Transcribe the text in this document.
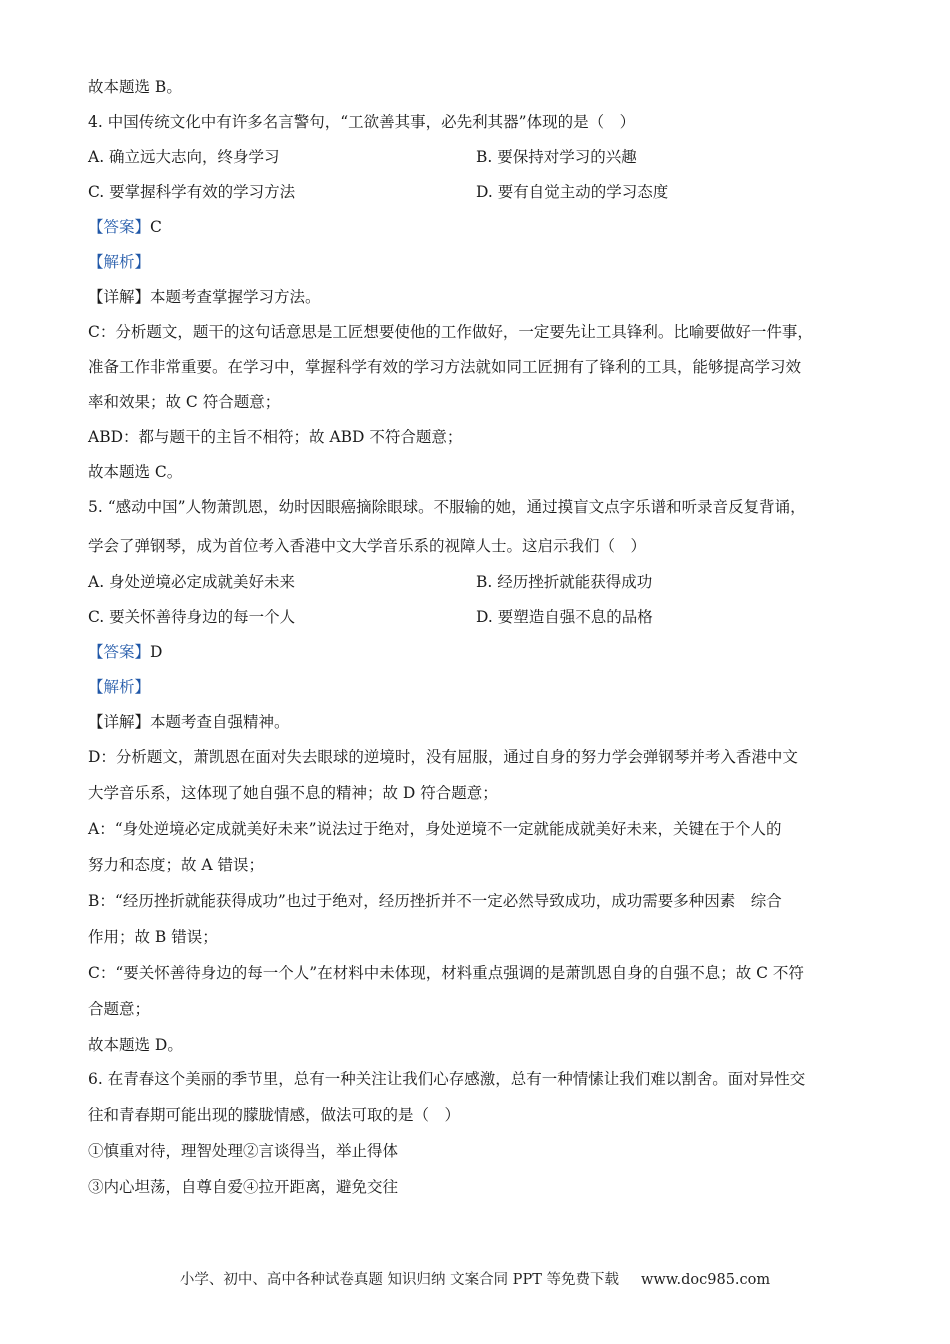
故本题选 B。
4. 中国传统文化中有许多名言警句，“工欲善其事，必先利其器”体现的是（　）
A. 确立远大志向，终身学习	B. 要保持对学习的兴趣
C. 要掌握科学有效的学习方法	D. 要有自觉主动的学习态度
【答案】C
【解析】
【详解】本题考查掌握学习方法。
C：分析题文，题干的这句话意思是工匠想要使他的工作做好，一定要先让工具锋利。比喻要做好一件事，
准备工作非常重要。在学习中，掌握科学有效的学习方法就如同工匠拥有了锋利的工具，能够提高学习效
率和效果；故 C 符合题意；
ABD：都与题干的主旨不相符；故 ABD 不符合题意；
故本题选 C。
5. “感动中国”人物萧凯恩，幼时因眼癌摘除眼球。不服输的她，通过摸盲文点字乐谱和听录音反复背诵，
学会了弹钢琴，成为首位考入香港中文大学音乐系的视障人士。这启示我们（　）
A. 身处逆境必定成就美好未来	B. 经历挫折就能获得成功
C. 要关怀善待身边的每一个人	D. 要塑造自强不息的品格
【答案】D
【解析】
【详解】本题考查自强精神。
D：分析题文，萧凯恩在面对失去眼球的逆境时，没有屈服，通过自身的努力学会弹钢琴并考入香港中文
大学音乐系，这体现了她自强不息的精神；故 D 符合题意；
A：“身处逆境必定成就美好未来”说法过于绝对，身处逆境不一定就能成就美好未来，关键在于个人的
努力和态度；故 A 错误；
B：“经历挫折就能获得成功”也过于绝对，经历挫折并不一定必然导致成功，成功需要多种因素　综合
作用；故 B 错误；
C：“要关怀善待身边的每一个人”在材料中未体现，材料重点强调的是萧凯恩自身的自强不息；故 C 不符
合题意；
故本题选 D。
6. 在青春这个美丽的季节里，总有一种关注让我们心存感激，总有一种情愫让我们难以割舍。面对异性交
往和青春期可能出现的朦胧情感，做法可取的是（　）
①慎重对待，理智处理②言谈得当，举止得体
③内心坦荡，自尊自爱④拉开距离，避免交往
小学、初中、高中各种试卷真题 知识归纳 文案合同 PPT 等免费下载 www.doc985.com
